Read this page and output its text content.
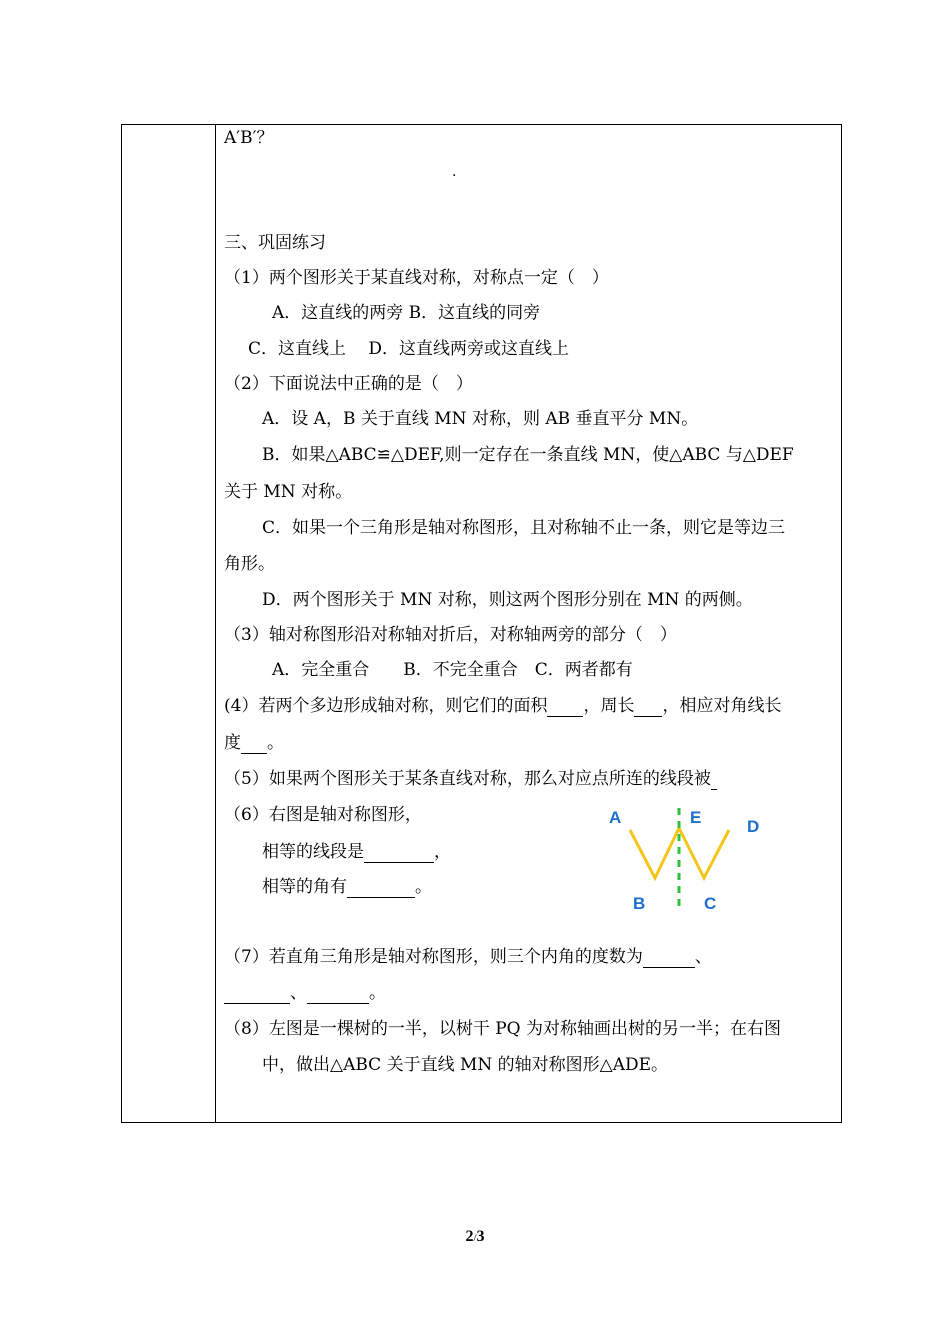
A′B′？
·
三、巩固练习
（1）两个图形关于某直线对称，对称点一定（　）
A．这直线的两旁 B．这直线的同旁
C．这直线上　 D．这直线两旁或这直线上
（2）下面说法中正确的是（　）
A．设 A，B 关于直线 MN 对称，则 AB 垂直平分 MN。
B．如果△ABC≌△DEF,则一定存在一条直线 MN，使△ABC 与△DEF
关于 MN 对称。
C．如果一个三角形是轴对称图形，且对称轴不止一条，则它是等边三
角形。
D．两个图形关于 MN 对称，则这两个图形分别在 MN 的两侧。
（3）轴对称图形沿对称轴对折后，对称轴两旁的部分（　）
A．完全重合　　B．不完全重合　C．两者都有
(4）若两个多边形成轴对称，则它们的面积 ，周长 ，相应对角线长
度 。
（5）如果两个图形关于某条直线对称，那么对应点所连的线段被
（6）右图是轴对称图形，
相等的线段是	，
相等的角有	。
A	E	D
B	C
（7）若直角三角形是轴对称图形，则三个内角的度数为	、
、	。
（8）左图是一棵树的一半，以树干 PQ 为对称轴画出树的另一半；在右图
中，做出△ABC 关于直线 MN 的轴对称图形△ADE。
2/3
